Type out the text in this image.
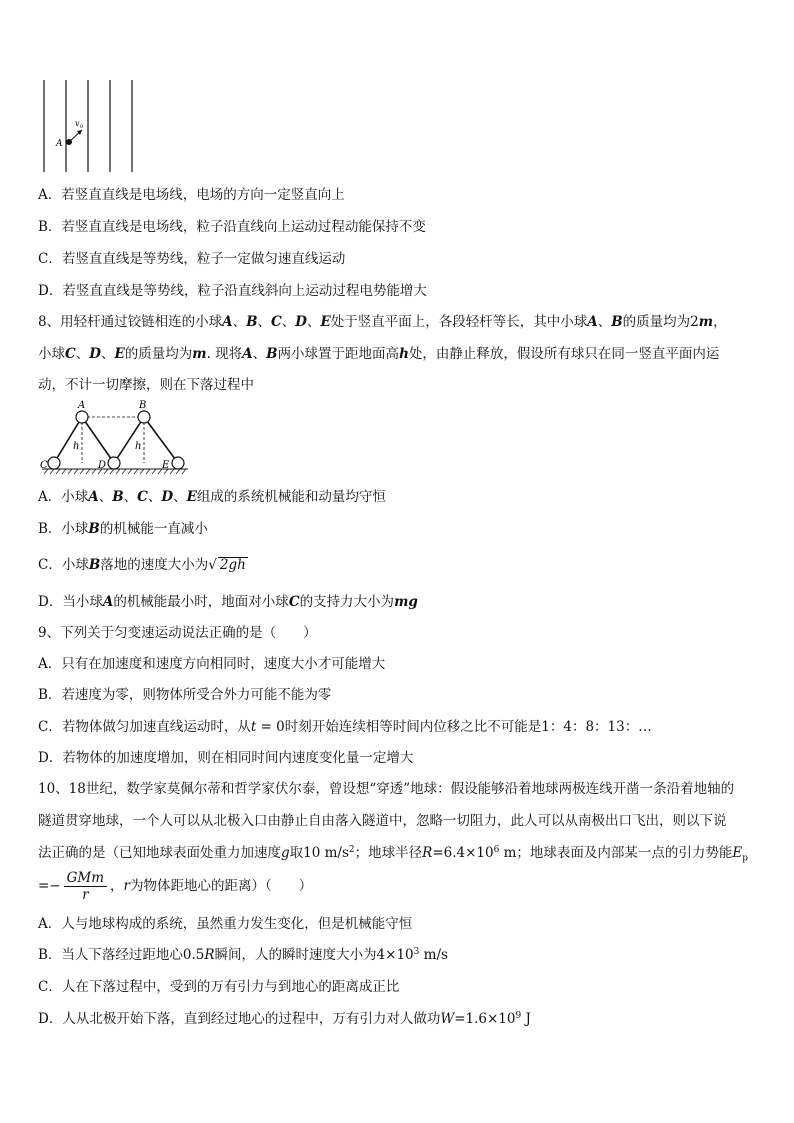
A
v 0
A．若竖直直线是电场线，电场的方向一定竖直向上
B．若竖直直线是电场线，粒子沿直线向上运动过程动能保持不变
C．若竖直直线是等势线，粒子一定做匀速直线运动
D．若竖直直线是等势线，粒子沿直线斜向上运动过程电势能增大
8、用轻杆通过铰链相连的小球A、B、C、D、E处于竖直平面上，各段轻杆等长，其中小球A、B的质量均为2m，
小球C、D、E的质量均为m. 现将A、B两小球置于距地面高h处，由静止释放，假设所有球只在同一竖直平面内运
动，不计一切摩擦，则在下落过程中
A	B
C	D	E
h	h
A．小球A、B、C、D、E组成的系统机械能和动量均守恒
B．小球B的机械能一直减小
C．小球B落地的速度大小为√ 2gh
D．当小球A的机械能最小时，地面对小球C的支持力大小为mg
9、下列关于匀变速运动说法正确的是（　　）
A．只有在加速度和速度方向相同时，速度大小才可能增大
B．若速度为零，则物体所受合外力可能不能为零
C．若物体做匀加速直线运动时，从t = 0时刻开始连续相等时间内位移之比不可能是1：4：8：13：…
D．若物体的加速度增加，则在相同时间内速度变化量一定增大
10、18世纪，数学家莫佩尔蒂和哲学家伏尔泰，曾设想“穿透”地球：假设能够沿着地球两极连线开凿一条沿着地轴的
隧道贯穿地球，一个人可以从北极入口由静止自由落入隧道中，忽略一切阻力，此人可以从南极出口飞出，则以下说
法正确的是（已知地球表面处重力加速度g取10 $m/s^2$；地球半径$R=6.4\times 10^6$ m；地球表面及内部某一点的引力势能$E_p$
=− $\frac{\text{GMm}}{r}$ ，r为物体距地心的距离）（　　）
A．人与地球构成的系统，虽然重力发生变化，但是机械能守恒
B．当人下落经过距地心0.5R瞬间，人的瞬时速度大小为$4\times 10^3$ m/s
C．人在下落过程中，受到的万有引力与到地心的距离成正比
D．人从北极开始下落，直到经过地心的过程中，万有引力对人做功$W=1.6\times 10^9$ J
